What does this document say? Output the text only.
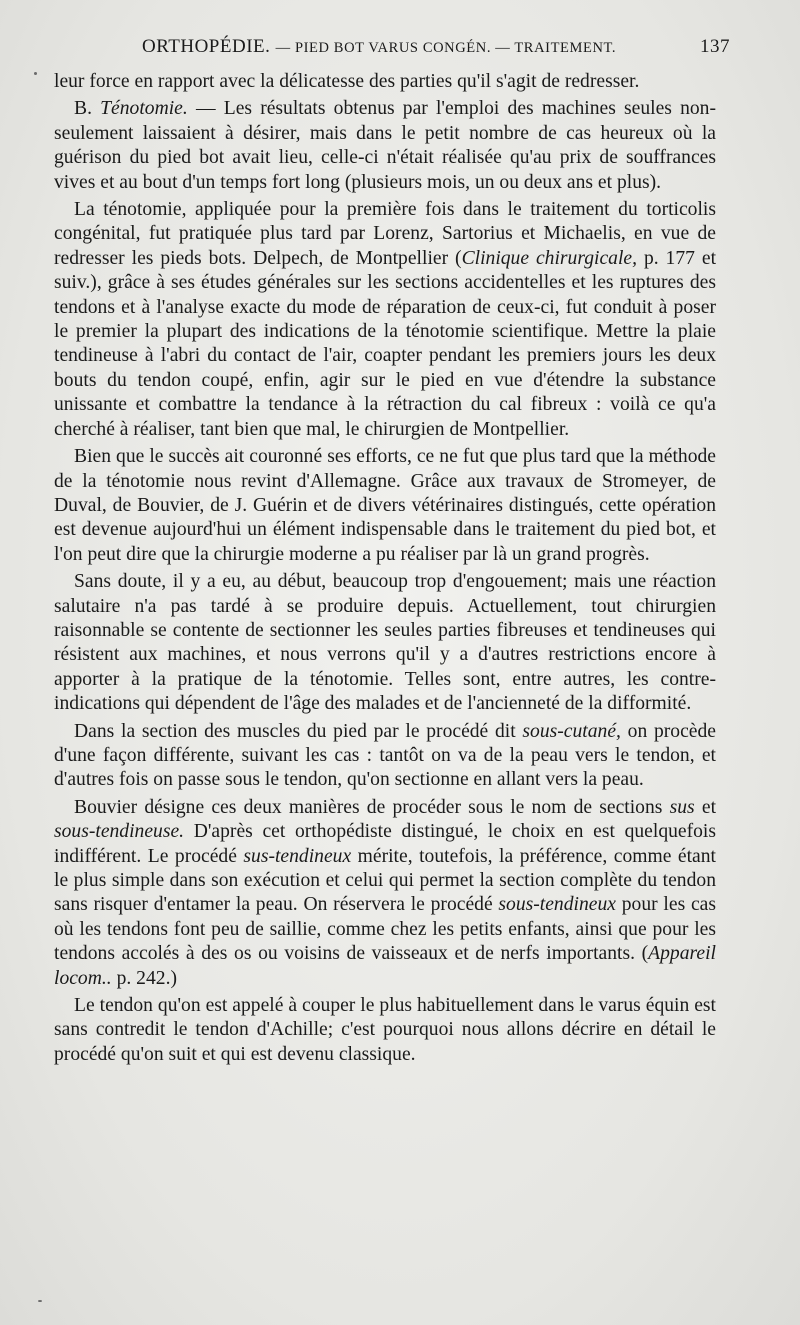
ORTHOPÉDIE. — PIED BOT VARUS CONGÉN. — TRAITEMENT.	137

leur force en rapport avec la délicatesse des parties qu'il s'agit de redresser.

B. Ténotomie. — Les résultats obtenus par l'emploi des machines seules non-seulement laissaient à désirer, mais dans le petit nombre de cas heureux où la guérison du pied bot avait lieu, celle-ci n'était réalisée qu'au prix de souffrances vives et au bout d'un temps fort long (plusieurs mois, un ou deux ans et plus).

La ténotomie, appliquée pour la première fois dans le traitement du torticolis congénital, fut pratiquée plus tard par Lorenz, Sartorius et Michaelis, en vue de redresser les pieds bots. Delpech, de Montpellier (Clinique chirurgicale, p. 177 et suiv.), grâce à ses études générales sur les sections accidentelles et les ruptures des tendons et à l'analyse exacte du mode de réparation de ceux-ci, fut conduit à poser le premier la plupart des indications de la ténotomie scientifique. Mettre la plaie tendineuse à l'abri du contact de l'air, coapter pendant les premiers jours les deux bouts du tendon coupé, enfin, agir sur le pied en vue d'étendre la substance unissante et combattre la tendance à la rétraction du cal fibreux : voilà ce qu'a cherché à réaliser, tant bien que mal, le chirurgien de Montpellier.

Bien que le succès ait couronné ses efforts, ce ne fut que plus tard que la méthode de la ténotomie nous revint d'Allemagne. Grâce aux travaux de Stromeyer, de Duval, de Bouvier, de J. Guérin et de divers vétérinaires distingués, cette opération est devenue aujourd'hui un élément indispensable dans le traitement du pied bot, et l'on peut dire que la chirurgie moderne a pu réaliser par là un grand progrès.

Sans doute, il y a eu, au début, beaucoup trop d'engouement; mais une réaction salutaire n'a pas tardé à se produire depuis. Actuellement, tout chirurgien raisonnable se contente de sectionner les seules parties fibreuses et tendineuses qui résistent aux machines, et nous verrons qu'il y a d'autres restrictions encore à apporter à la pratique de la ténotomie. Telles sont, entre autres, les contre-indications qui dépendent de l'âge des malades et de l'ancienneté de la difformité.

Dans la section des muscles du pied par le procédé dit sous-cutané, on procède d'une façon différente, suivant les cas : tantôt on va de la peau vers le tendon, et d'autres fois on passe sous le tendon, qu'on sectionne en allant vers la peau.

Bouvier désigne ces deux manières de procéder sous le nom de sections sus et sous-tendineuse. D'après cet orthopédiste distingué, le choix en est quelquefois indifférent. Le procédé sus-tendineux mérite, toutefois, la préférence, comme étant le plus simple dans son exécution et celui qui permet la section complète du tendon sans risquer d'entamer la peau. On réservera le procédé sous-tendineux pour les cas où les tendons font peu de saillie, comme chez les petits enfants, ainsi que pour les tendons accolés à des os ou voisins de vaisseaux et de nerfs importants. (Appareil locom.. p. 242.)

Le tendon qu'on est appelé à couper le plus habituellement dans le varus équin est sans contredit le tendon d'Achille; c'est pourquoi nous allons décrire en détail le procédé qu'on suit et qui est devenu classique.
